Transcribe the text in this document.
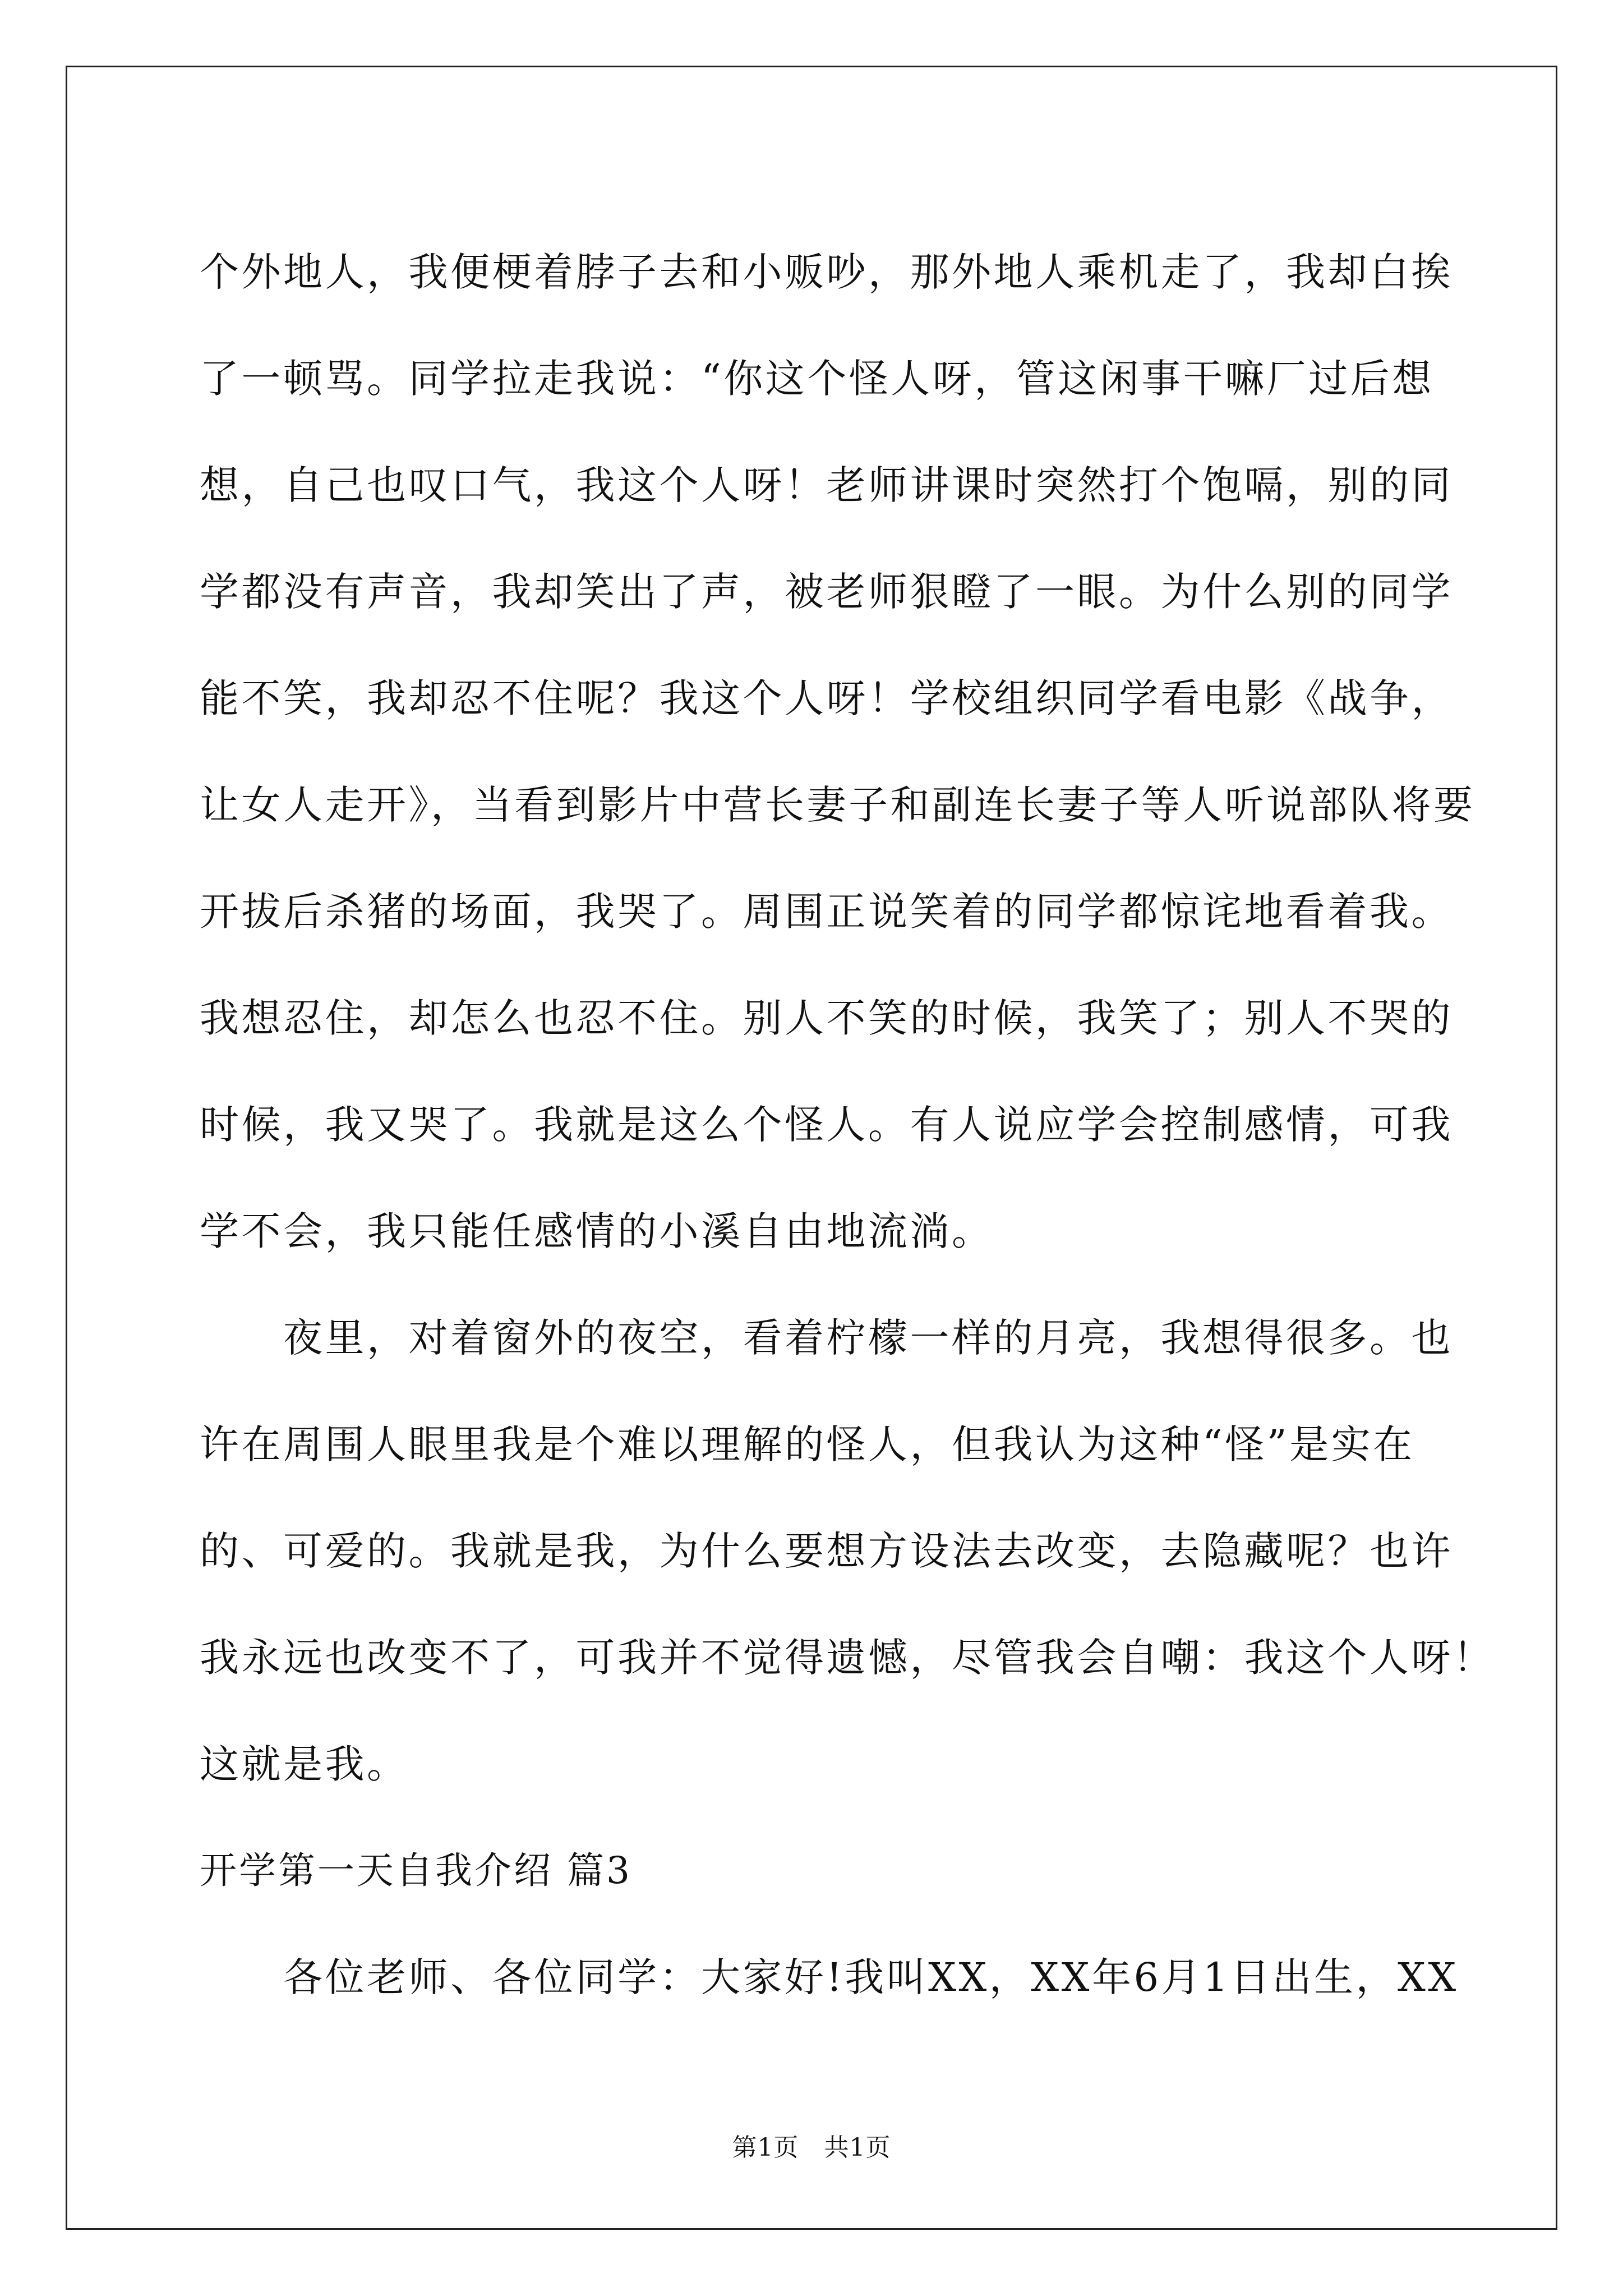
个外地人，我便梗着脖子去和小贩吵，那外地人乘机走了，我却白挨
了一顿骂。同学拉走我说：“你这个怪人呀，管这闲事干嘛厂过后想
想，自己也叹口气，我这个人呀！老师讲课时突然打个饱嗝，别的同
学都没有声音，我却笑出了声，被老师狠瞪了一眼。为什么别的同学
能不笑，我却忍不住呢？我这个人呀！学校组织同学看电影《战争，
让女人走开》，当看到影片中营长妻子和副连长妻子等人听说部队将要
开拔后杀猪的场面，我哭了。周围正说笑着的同学都惊诧地看着我。
我想忍住，却怎么也忍不住。别人不笑的时候，我笑了；别人不哭的
时候，我又哭了。我就是这么个怪人。有人说应学会控制感情，可我
学不会，我只能任感情的小溪自由地流淌。
　　夜里，对着窗外的夜空，看着柠檬一样的月亮，我想得很多。也
许在周围人眼里我是个难以理解的怪人，但我认为这种“怪”是实在
的、可爱的。我就是我，为什么要想方设法去改变，去隐藏呢？也许
我永远也改变不了，可我并不觉得遗憾，尽管我会自嘲：我这个人呀！
这就是我。
开学第一天自我介绍 篇3
　　各位老师、各位同学：大家好!我叫XX，XX年6月1日出生，XX
第1页　共1页
